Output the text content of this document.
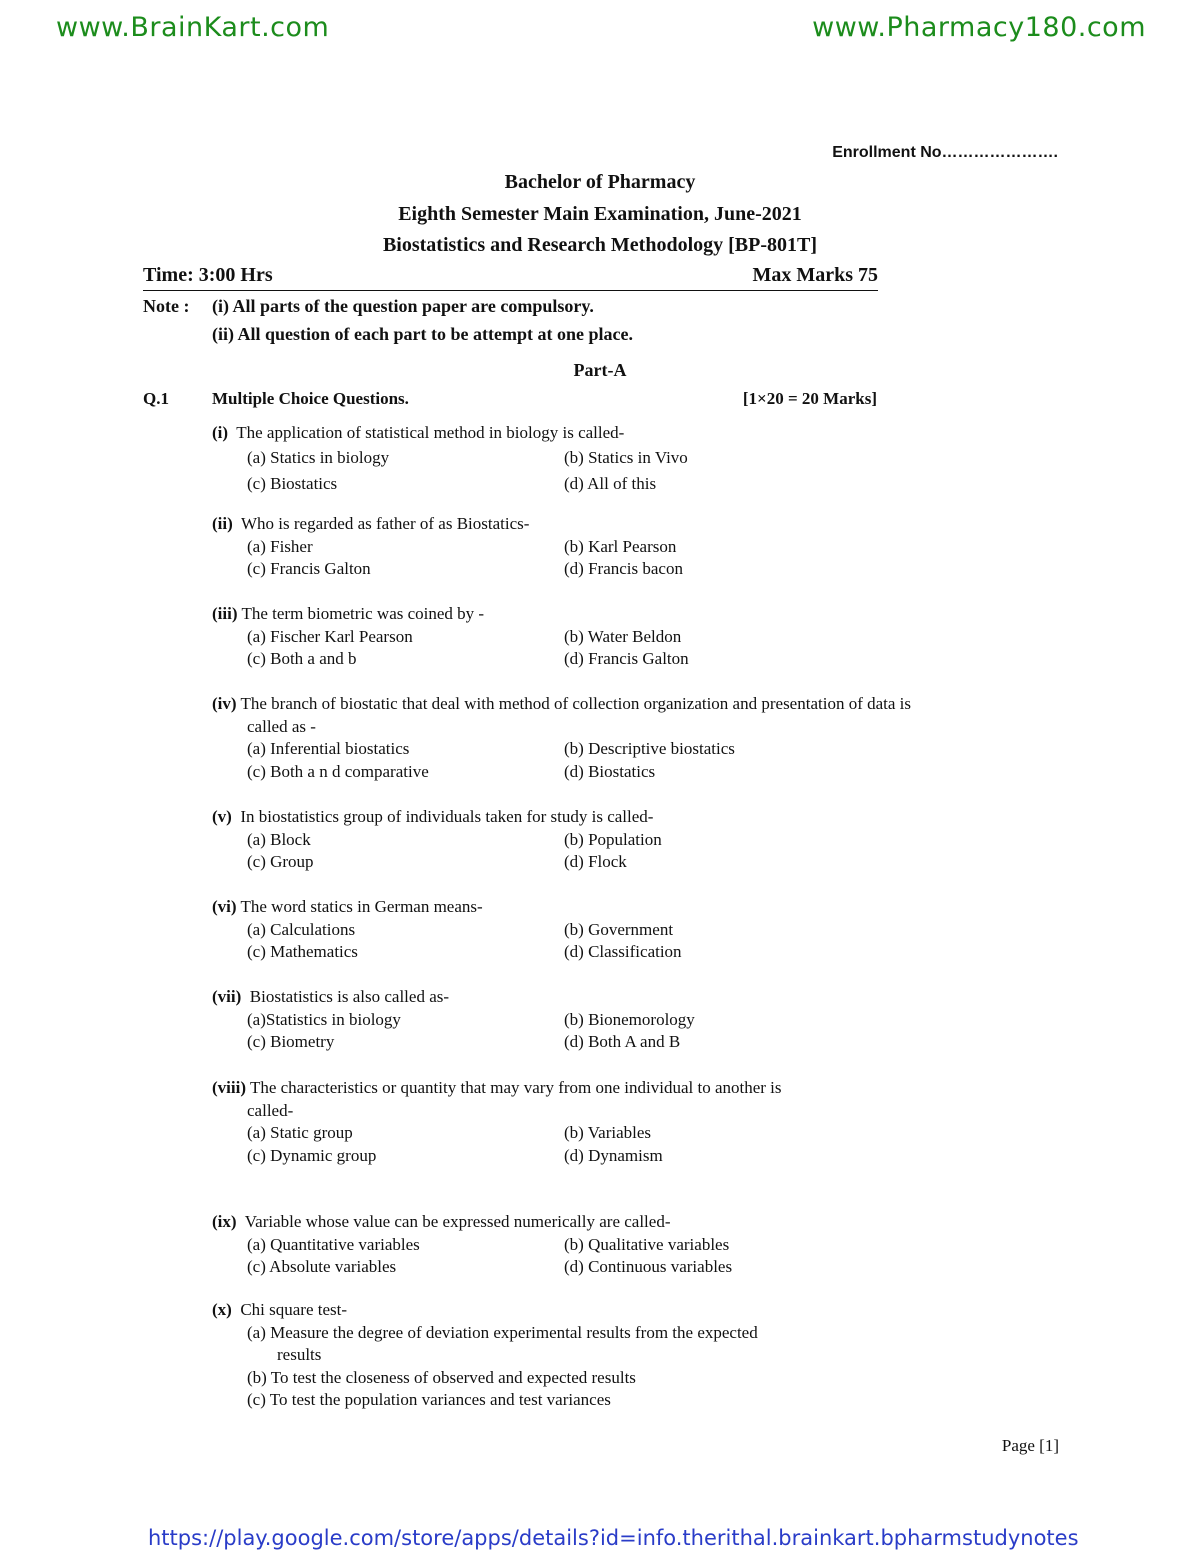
www.BrainKart.com	www.Pharmacy180.com
Enrollment No………………….
Bachelor of Pharmacy
Eighth Semester Main Examination, June-2021
Biostatistics and Research Methodology [BP-801T]
Time: 3:00 Hrs	Max Marks 75
Note : (i) All parts of the question paper are compulsory.
(ii) All question of each part to be attempt at one place.
Part-A
Q.1	Multiple Choice Questions.	[1×20 = 20 Marks]
(i) The application of statistical method in biology is called-
(a) Statics in biology	(b) Statics in Vivo
(c) Biostatics	(d) All of this
(ii) Who is regarded as father of as Biostatics-
(a) Fisher	(b) Karl Pearson
(c) Francis Galton	(d) Francis bacon
(iii) The term biometric was coined by -
(a) Fischer Karl Pearson	(b) Water Beldon
(c) Both a and b	(d) Francis Galton
(iv) The branch of biostatic that deal with method of collection organization and presentation of data is
called as -
(a) Inferential biostatics	(b) Descriptive biostatics
(c) Both a n d comparative	(d) Biostatics
(v) In biostatistics group of individuals taken for study is called-
(a) Block	(b) Population
(c) Group	(d) Flock
(vi) The word statics in German means-
(a) Calculations	(b) Government
(c) Mathematics	(d) Classification
(vii) Biostatistics is also called as-
(a)Statistics in biology	(b) Bionemorology
(c) Biometry	(d) Both A and B
(viii) The characteristics or quantity that may vary from one individual to another is
called-
(a) Static group	(b) Variables
(c) Dynamic group	(d) Dynamism
(ix) Variable whose value can be expressed numerically are called-
(a) Quantitative variables	(b) Qualitative variables
(c) Absolute variables	(d) Continuous variables
(x) Chi square test-
(a) Measure the degree of deviation experimental results from the expected
results
(b) To test the closeness of observed and expected results
(c) To test the population variances and test variances
Page [1]
https://play.google.com/store/apps/details?id=info.therithal.brainkart.bpharmstudynotes
